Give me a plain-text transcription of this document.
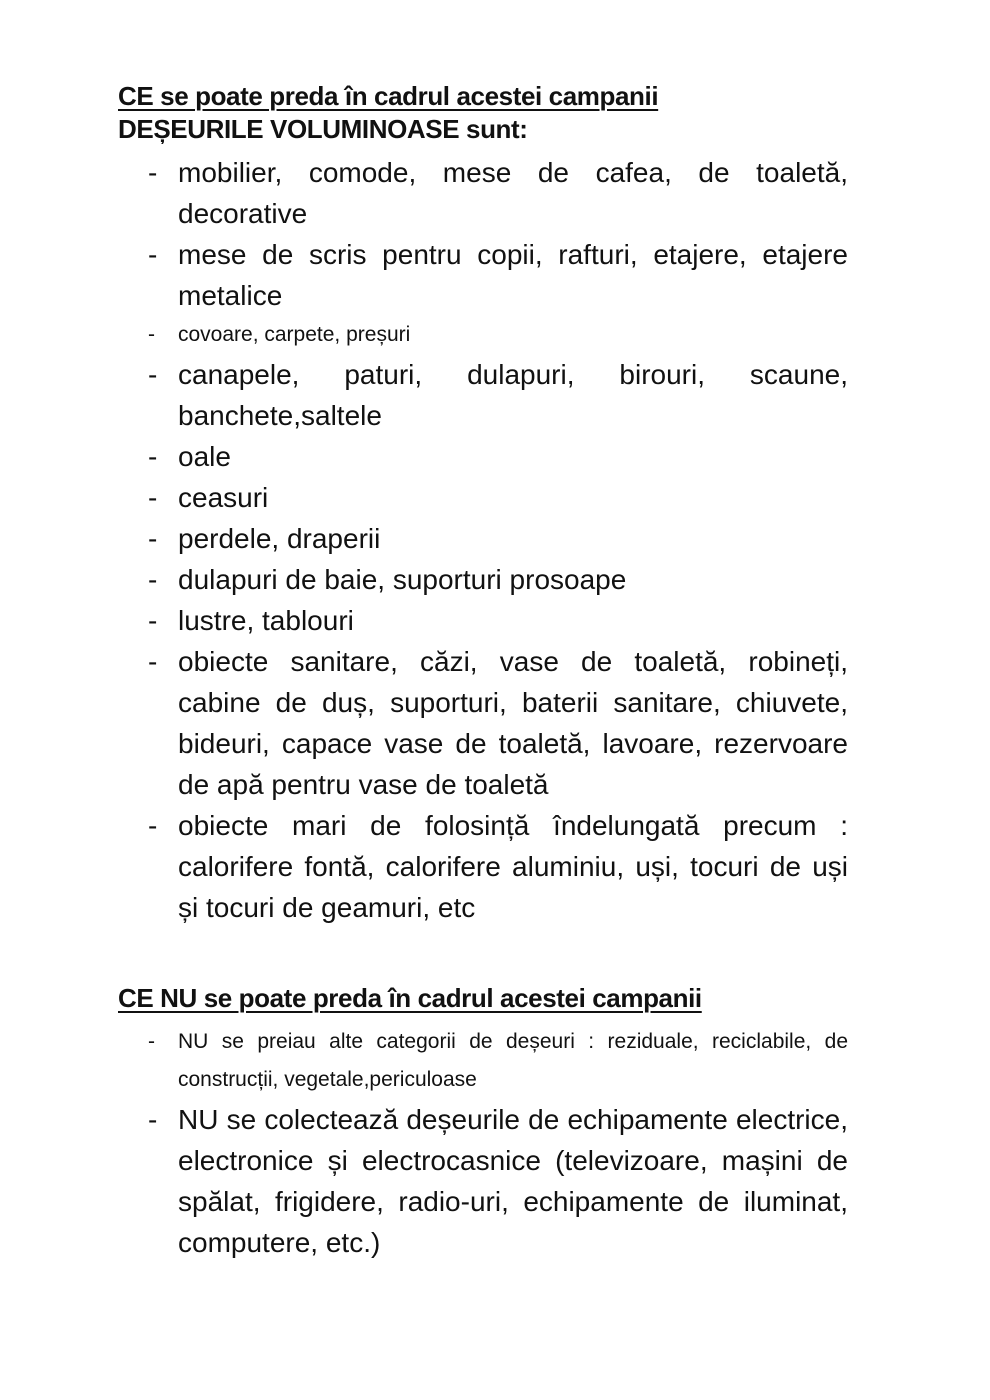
CE se poate preda în cadrul acestei campanii
DEȘEURILE VOLUMINOASE sunt:
- mobilier, comode, mese de cafea, de toaletă, decorative
- mese de scris pentru copii, rafturi, etajere, etajere metalice
-	covoare, carpete, preșuri
- canapele, paturi, dulapuri, birouri, scaune, banchete,saltele
- oale
- ceasuri
- perdele, draperii
- dulapuri de baie, suporturi prosoape
- lustre, tablouri
- obiecte sanitare, căzi, vase de toaletă, robineți, cabine de duș, suporturi, baterii sanitare, chiuvete, bideuri, capace vase de toaletă, lavoare, rezervoare de apă pentru vase de toaletă
- obiecte mari de folosință îndelungată precum : calorifere fontă, calorifere aluminiu, uși, tocuri de uși și tocuri de geamuri, etc
CE NU se poate preda în cadrul acestei campanii
-	NU se preiau alte categorii de deșeuri : reziduale, reciclabile, de construcții, vegetale,periculoase
- NU se colectează deșeurile de echipamente electrice, electronice și electrocasnice (televizoare, mașini de spălat, frigidere, radio-uri, echipamente de iluminat, computere, etc.)
